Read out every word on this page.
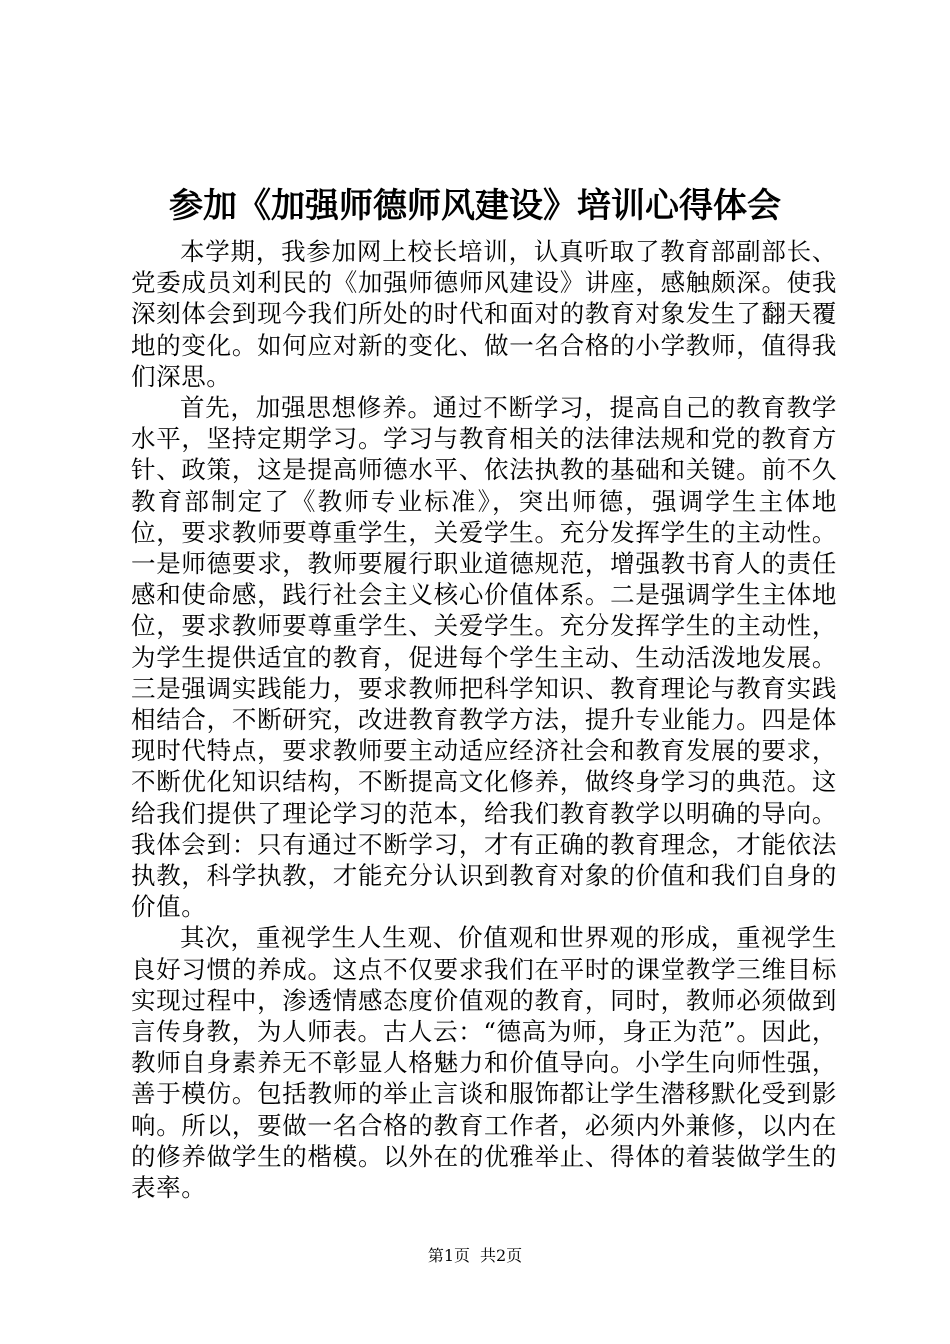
参加《加强师德师风建设》培训心得体会

本学期，我参加网上校长培训，认真听取了教育部副部长、党委成员刘利民的《加强师德师风建设》讲座，感触颇深。使我深刻体会到现今我们所处的时代和面对的教育对象发生了翻天覆地的变化。如何应对新的变化、做一名合格的小学教师，值得我们深思。

首先，加强思想修养。通过不断学习，提高自己的教育教学水平，坚持定期学习。学习与教育相关的法律法规和党的教育方针、政策，这是提高师德水平、依法执教的基础和关键。前不久教育部制定了《教师专业标准》，突出师德，强调学生主体地位，要求教师要尊重学生，关爱学生。充分发挥学生的主动性。一是师德要求，教师要履行职业道德规范，增强教书育人的责任感和使命感，践行社会主义核心价值体系。二是强调学生主体地位，要求教师要尊重学生、关爱学生。充分发挥学生的主动性，为学生提供适宜的教育，促进每个学生主动、生动活泼地发展。三是强调实践能力，要求教师把科学知识、教育理论与教育实践相结合，不断研究，改进教育教学方法，提升专业能力。四是体现时代特点，要求教师要主动适应经济社会和教育发展的要求，不断优化知识结构，不断提高文化修养，做终身学习的典范。这给我们提供了理论学习的范本，给我们教育教学以明确的导向。我体会到：只有通过不断学习，才有正确的教育理念，才能依法执教，科学执教，才能充分认识到教育对象的价值和我们自身的价值。

其次，重视学生人生观、价值观和世界观的形成，重视学生良好习惯的养成。这点不仅要求我们在平时的课堂教学三维目标实现过程中，渗透情感态度价值观的教育，同时，教师必须做到言传身教，为人师表。古人云：“德高为师，身正为范”。因此，教师自身素养无不彰显人格魅力和价值导向。小学生向师性强，善于模仿。包括教师的举止言谈和服饰都让学生潜移默化受到影响。所以，要做一名合格的教育工作者，必须内外兼修，以内在的修养做学生的楷模。以外在的优雅举止、得体的着装做学生的表率。

第1页 共2页
